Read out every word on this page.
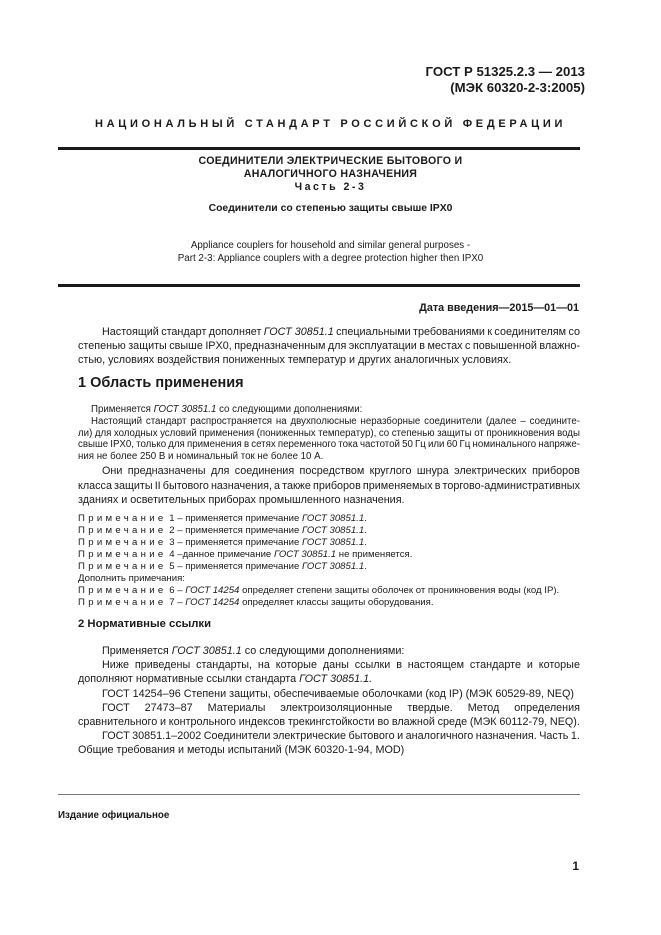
ГОСТ Р 51325.2.3 — 2013
(МЭК 60320-2-3:2005)
НАЦИОНАЛЬНЫЙ СТАНДАРТ РОССИЙСКОЙ ФЕДЕРАЦИИ
СОЕДИНИТЕЛИ ЭЛЕКТРИЧЕСКИЕ БЫТОВОГО И
АНАЛОГИЧНОГО НАЗНАЧЕНИЯ
Часть 2-3
Соединители со степенью защиты свыше IPX0
Appliance couplers for household and similar general purposes -
Part 2-3: Appliance couplers with a degree protection higher then IPX0
Дата введения—2015—01—01
Настоящий стандарт дополняет ГОСТ 30851.1 специальными требованиями к соединителям со
степенью защиты свыше IPX0, предназначенным для эксплуатации в местах с повышенной влажно-
стью, условиях воздействия пониженных температур и других аналогичных условиях.
1 Область применения
Применяется ГОСТ 30851.1 со следующими дополнениями:
Настоящий стандарт распространяется на двухполюсные неразборные соединители (далее – соедините-
ли) для холодных условий применения (пониженных температур), со степенью защиты от проникновения воды
свыше IPX0, только для применения в сетях переменного тока частотой 50 Гц или 60 Гц номинального напряже-
ния не более 250 В и номинальный ток не более 10 А.
Они предназначены для соединения посредством круглого шнура электрических приборов
класса защиты II бытового назначения, а также приборов применяемых в торгово-административных
зданиях и осветительных приборах промышленного назначения.
Примечание 1 – применяется примечание ГОСТ 30851.1.
Примечание 2 – применяется примечание ГОСТ 30851.1.
Примечание 3 – применяется примечание ГОСТ 30851.1.
Примечание 4 –данное примечание ГОСТ 30851.1 не применяется.
Примечание 5 – применяется примечание ГОСТ 30851.1.
Дополнить примечания:
Примечание 6 – ГОСТ 14254 определяет степени защиты оболочек от проникновения воды (код IP).
Примечание 7 – ГОСТ 14254 определяет классы защиты оборудования.
2 Нормативные ссылки
Применяется ГОСТ 30851.1 со следующими дополнениями:
Ниже приведены стандарты, на которые даны ссылки в настоящем стандарте и которые
дополняют нормативные ссылки стандарта ГОСТ 30851.1.
ГОСТ 14254–96 Степени защиты, обеспечиваемые оболочками (код IP) (МЭК 60529-89, NEQ)
ГОСТ 27473–87 Материалы электроизоляционные твердые. Метод определения
сравнительного и контрольного индексов трекингстойкости во влажной среде (МЭК 60112-79, NEQ).
ГОСТ 30851.1–2002 Соединители электрические бытового и аналогичного назначения. Часть 1.
Общие требования и методы испытаний (МЭК 60320-1-94, MOD)
Издание официальное
1
